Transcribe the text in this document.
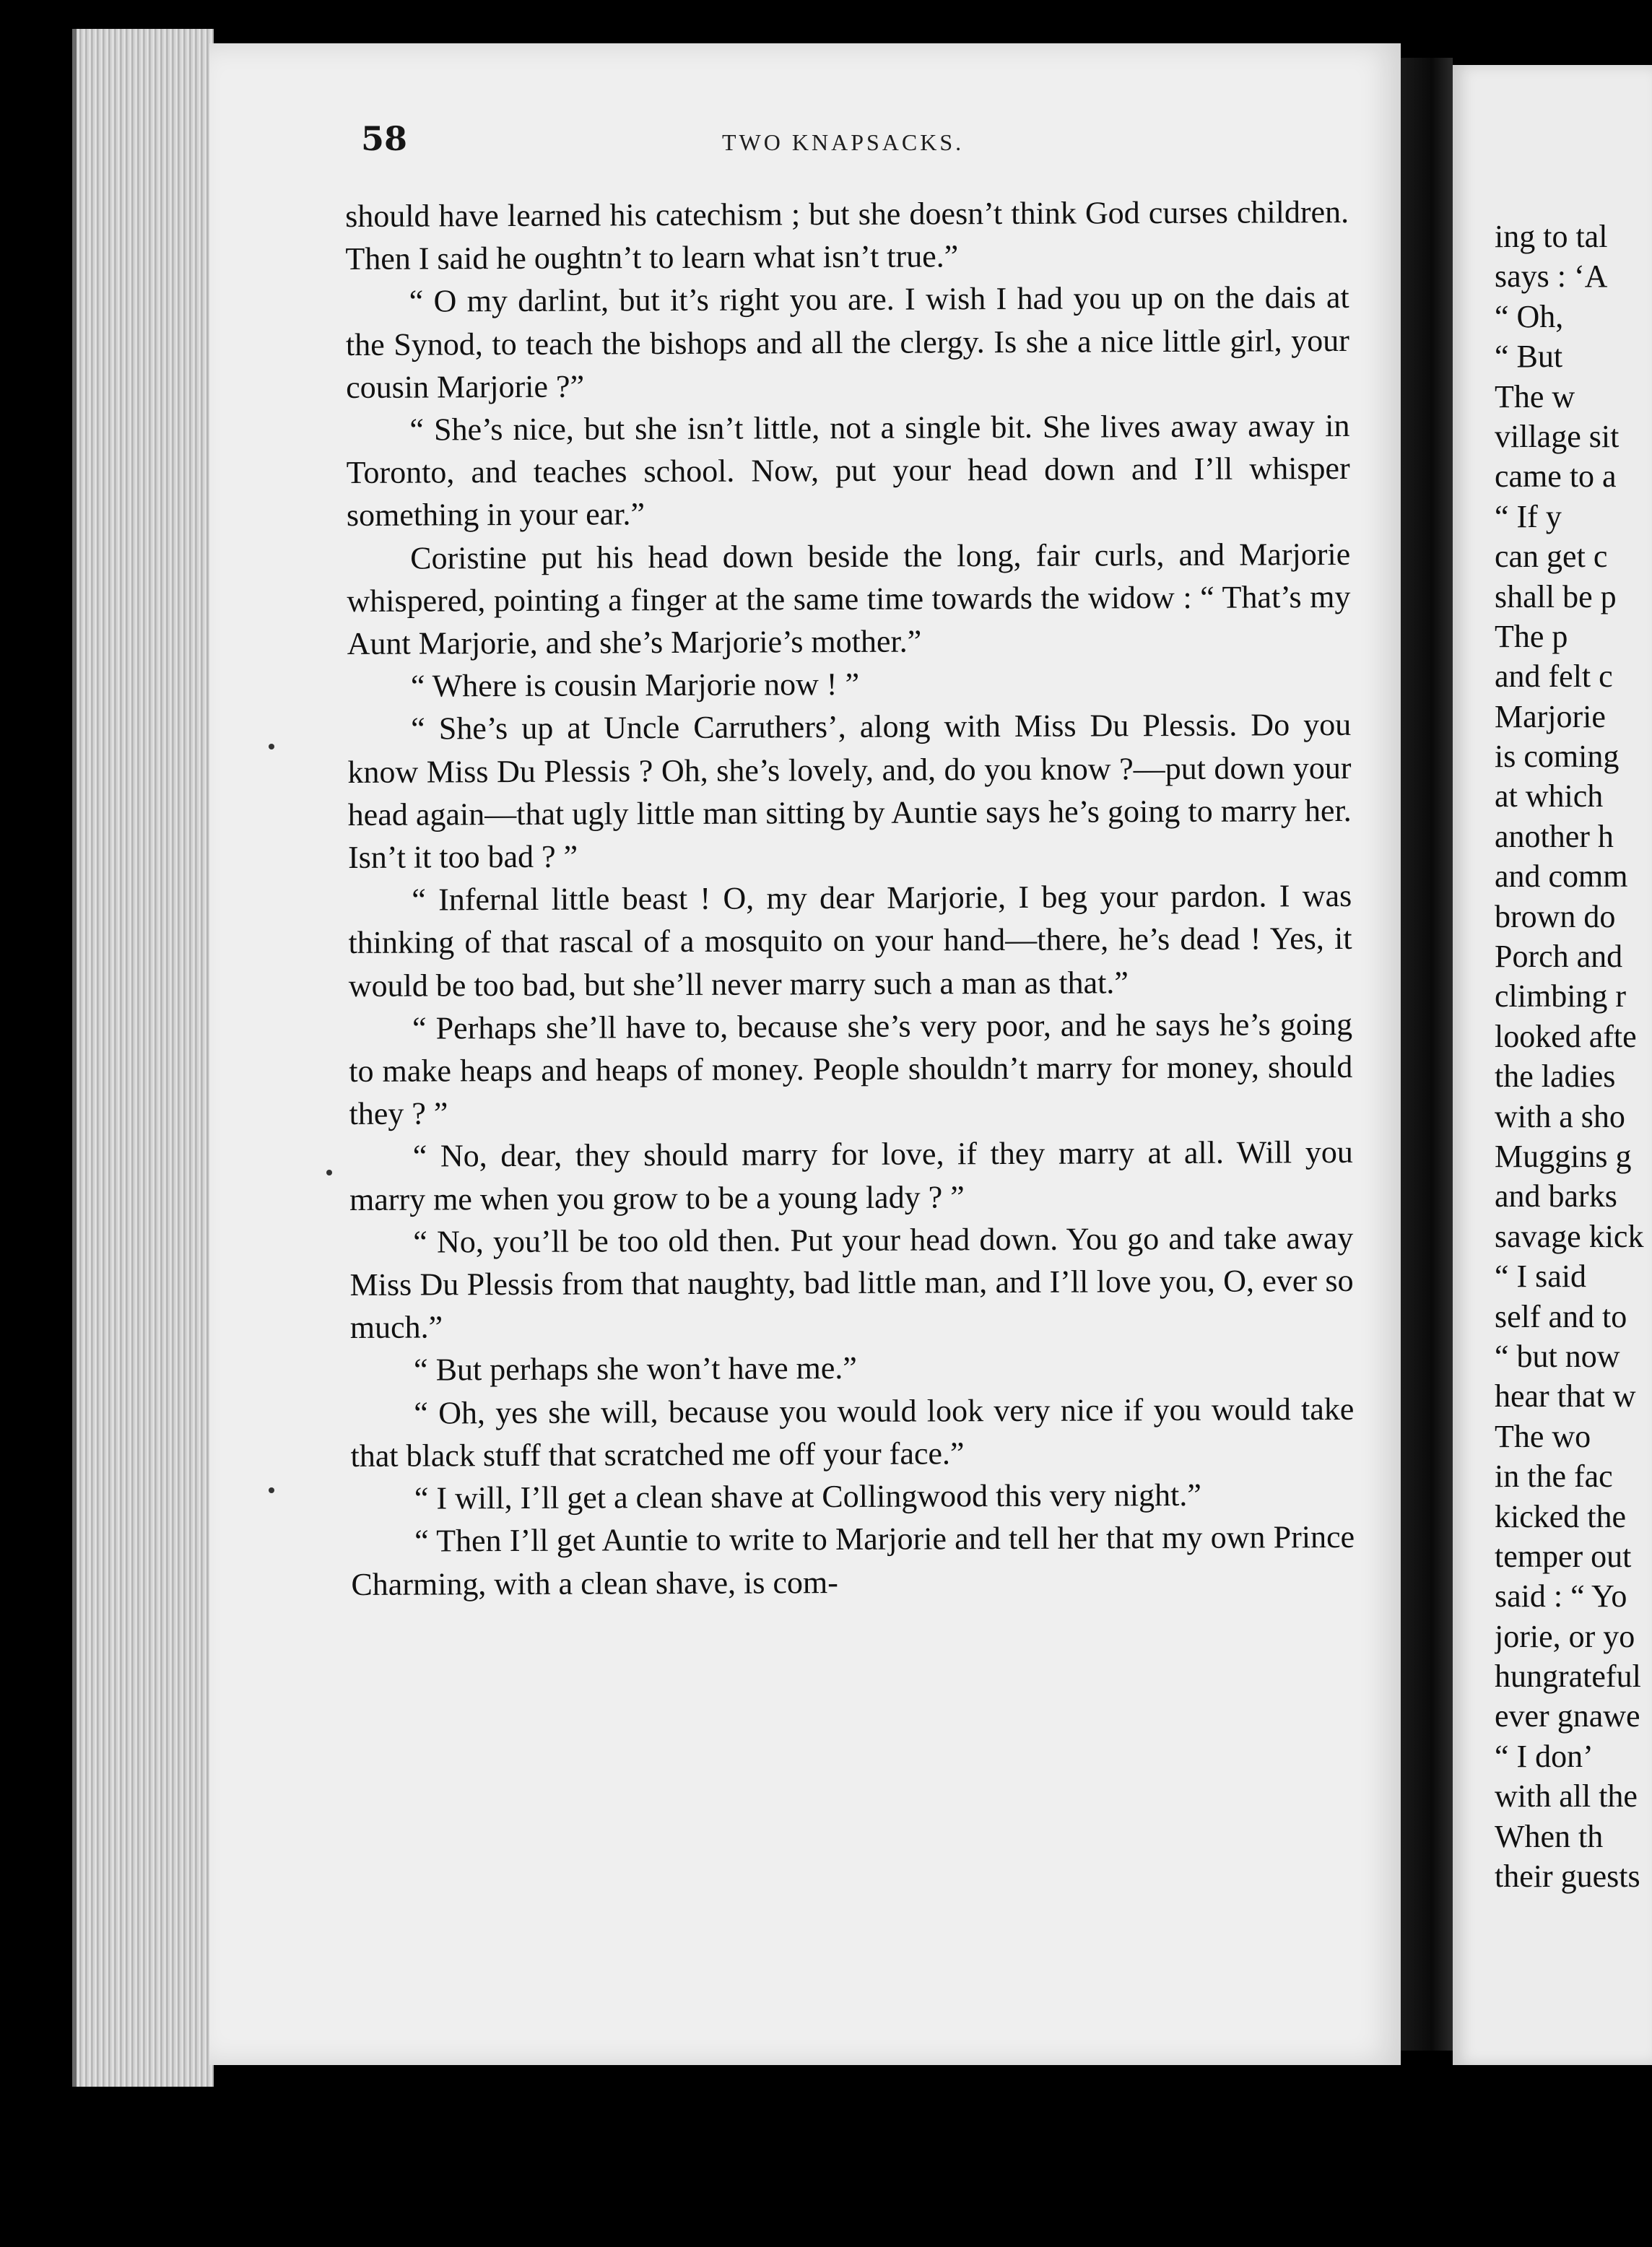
58	TWO KNAPSACKS.

should have learned his catechism ; but she doesn’t think God curses children. Then I said he oughtn’t to learn what isn’t true.”

“ O my darlint, but it’s right you are. I wish I had you up on the dais at the Synod, to teach the bishops and all the clergy. Is she a nice little girl, your cousin Marjorie ?”

“ She’s nice, but she isn’t little, not a single bit. She lives away away in Toronto, and teaches school. Now, put your head down and I’ll whisper something in your ear.”

Coristine put his head down beside the long, fair curls, and Marjorie whispered, pointing a finger at the same time towards the widow : “ That’s my Aunt Marjorie, and she’s Marjorie’s mother.”

“ Where is cousin Marjorie now ! ”

“ She’s up at Uncle Carruthers’, along with Miss Du Plessis. Do you know Miss Du Plessis ? Oh, she’s lovely, and, do you know ?—put down your head again—that ugly little man sitting by Auntie says he’s going to marry her. Isn’t it too bad ? ”

“ Infernal little beast ! O, my dear Marjorie, I beg your pardon. I was thinking of that rascal of a mosquito on your hand—there, he’s dead ! Yes, it would be too bad, but she’ll never marry such a man as that.”

“ Perhaps she’ll have to, because she’s very poor, and he says he’s going to make heaps and heaps of money. People shouldn’t marry for money, should they ? ”

“ No, dear, they should marry for love, if they marry at all. Will you marry me when you grow to be a young lady ? ”

“ No, you’ll be too old then. Put your head down. You go and take away Miss Du Plessis from that naughty, bad little man, and I’ll love you, O, ever so much.”

“ But perhaps she won’t have me.”

“ Oh, yes she will, because you would look very nice if you would take that black stuff that scratched me off your face.”

“ I will, I’ll get a clean shave at Collingwood this very night.”

“ Then I’ll get Auntie to write to Marjorie and tell her that my own Prince Charming, with a clean shave, is com-

ing to tal
says : ‘A
“ Oh,
“ But
The w
village sit
came to a
“ If y
can get c
shall be p
The p
and felt c
Marjorie
is coming
at which
another h
and comm
brown do
Porch and
climbing r
looked afte
the ladies
with a sho
Muggins g
and barks
savage kick
“ I said
self and to
“ but now
hear that w
The wo
in the fac
kicked the
temper out
said : “ Yo
jorie, or yo
hungrateful
ever gnawe
“ I don’
with all the
When th
their guests
